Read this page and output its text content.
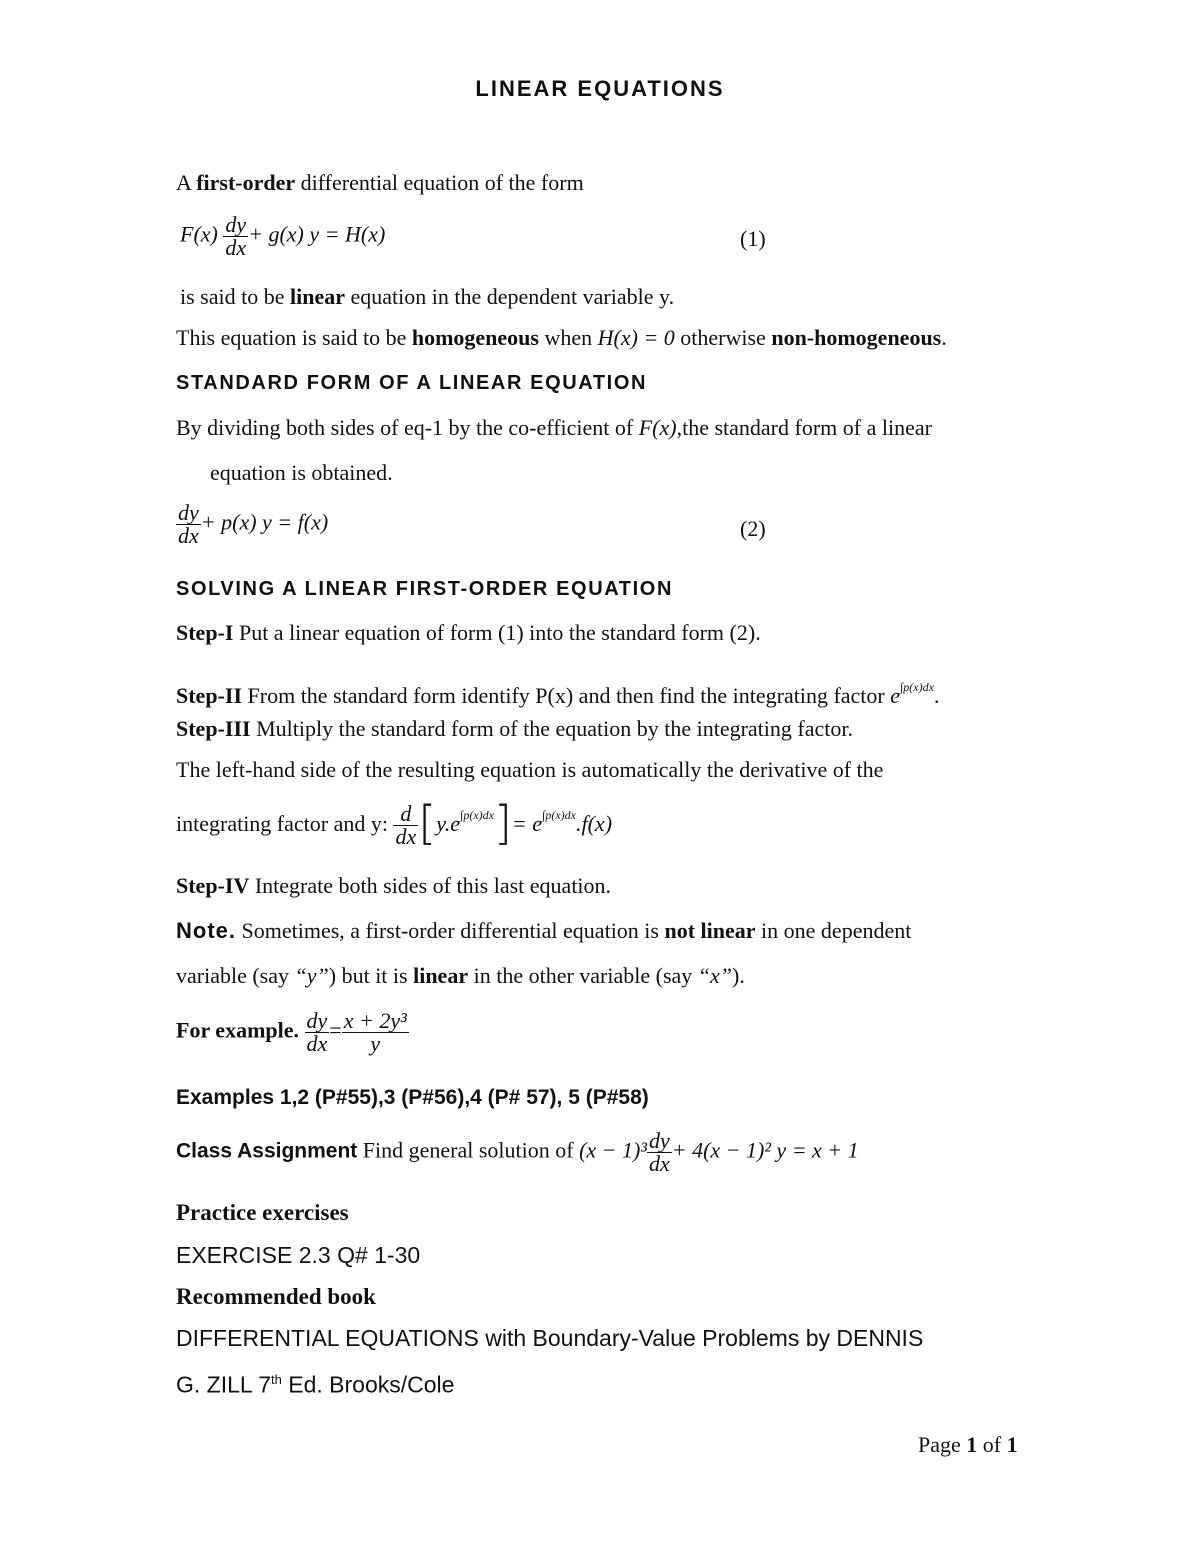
LINEAR EQUATIONS
A first-order differential equation of the form
$F(x) \frac{dy}{dx} + g(x) y = H(x)$	(1)
is said to be linear equation in the dependent variable y.
This equation is said to be homogeneous when H(x) = 0 otherwise non-homogeneous.
STANDARD FORM OF A LINEAR EQUATION
By dividing both sides of eq-1 by the co-efficient of F(x),the standard form of a linear
equation is obtained.
$\frac{dy}{dx} + p(x) y = f(x)$	(2)
SOLVING A LINEAR FIRST-ORDER EQUATION
Step-I Put a linear equation of form (1) into the standard form (2).
Step-II From the standard form identify P(x) and then find the integrating factor $e^{\int p(x)dx}$.
Step-III Multiply the standard form of the equation by the integrating factor.
The left-hand side of the resulting equation is automatically the derivative of the
integrating factor and y: $\frac{d}{dx} [y.e^{\int p(x)dx}]= e^{\int p(x)dx}.f(x)$
Step-IV Integrate both sides of this last equation.
Note. Sometimes, a first-order differential equation is not linear in one dependent
variable (say “y”) but it is linear in the other variable (say “x”).
For example. $\frac{dy}{dx} = \frac{\text{x + 2y³}}{y}$
Examples 1,2 (P#55),3 (P#56),4 (P# 57), 5 (P#58)
Class Assignment Find general solution of $(x - 1)^3 \frac{dy}{dx} + 4(x - 1)^2$ y = x + 1
Practice exercises
EXERCISE 2.3 Q# 1-30
Recommended book
DIFFERENTIAL EQUATIONS with Boundary-Value Problems by DENNIS
G. ZILL 7th Ed. Brooks/Cole
Page 1 of 1
